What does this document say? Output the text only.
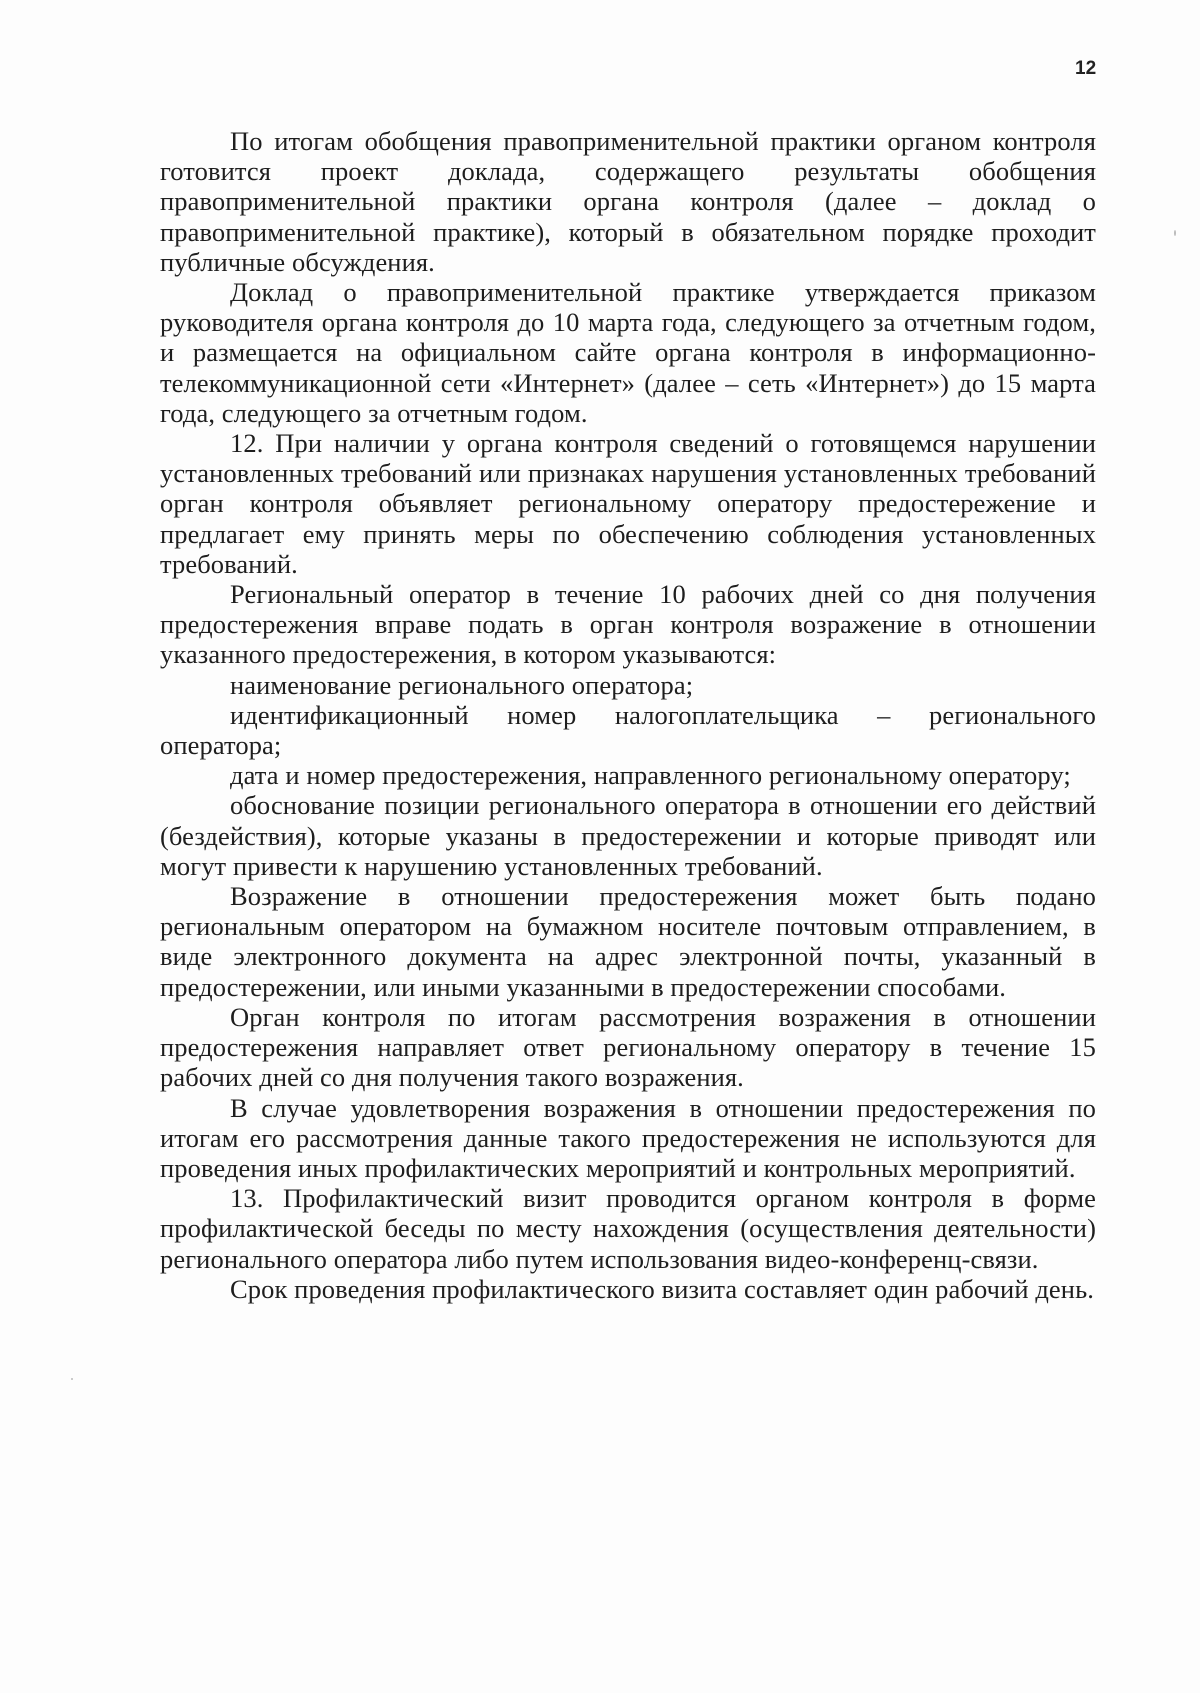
12

По итогам обобщения правоприменительной практики органом контроля готовится проект доклада, содержащего результаты обобщения правоприменительной практики органа контроля (далее – доклад о правоприменительной практике), который в обязательном порядке проходит публичные обсуждения.

Доклад о правоприменительной практике утверждается приказом руководителя органа контроля до 10 марта года, следующего за отчетным годом, и размещается на официальном сайте органа контроля в информационно-телекоммуникационной сети «Интернет» (далее – сеть «Интернет») до 15 марта года, следующего за отчетным годом.

12. При наличии у органа контроля сведений о готовящемся нарушении установленных требований или признаках нарушения установленных требований орган контроля объявляет региональному оператору предостережение и предлагает ему принять меры по обеспечению соблюдения установленных требований.

Региональный оператор в течение 10 рабочих дней со дня получения предостережения вправе подать в орган контроля возражение в отношении указанного предостережения, в котором указываются:

наименование регионального оператора;

идентификационный номер налогоплательщика – регионального оператора;

дата и номер предостережения, направленного региональному оператору;

обоснование позиции регионального оператора в отношении его действий (бездействия), которые указаны в предостережении и которые приводят или могут привести к нарушению установленных требований.

Возражение в отношении предостережения может быть подано региональным оператором на бумажном носителе почтовым отправлением, в виде электронного документа на адрес электронной почты, указанный в предостережении, или иными указанными в предостережении способами.

Орган контроля по итогам рассмотрения возражения в отношении предостережения направляет ответ региональному оператору в течение 15 рабочих дней со дня получения такого возражения.

В случае удовлетворения возражения в отношении предостережения по итогам его рассмотрения данные такого предостережения не используются для проведения иных профилактических мероприятий и контрольных мероприятий.

13. Профилактический визит проводится органом контроля в форме профилактической беседы по месту нахождения (осуществления деятельности) регионального оператора либо путем использования видео-конференц-связи.

Срок проведения профилактического визита составляет один рабочий день.
